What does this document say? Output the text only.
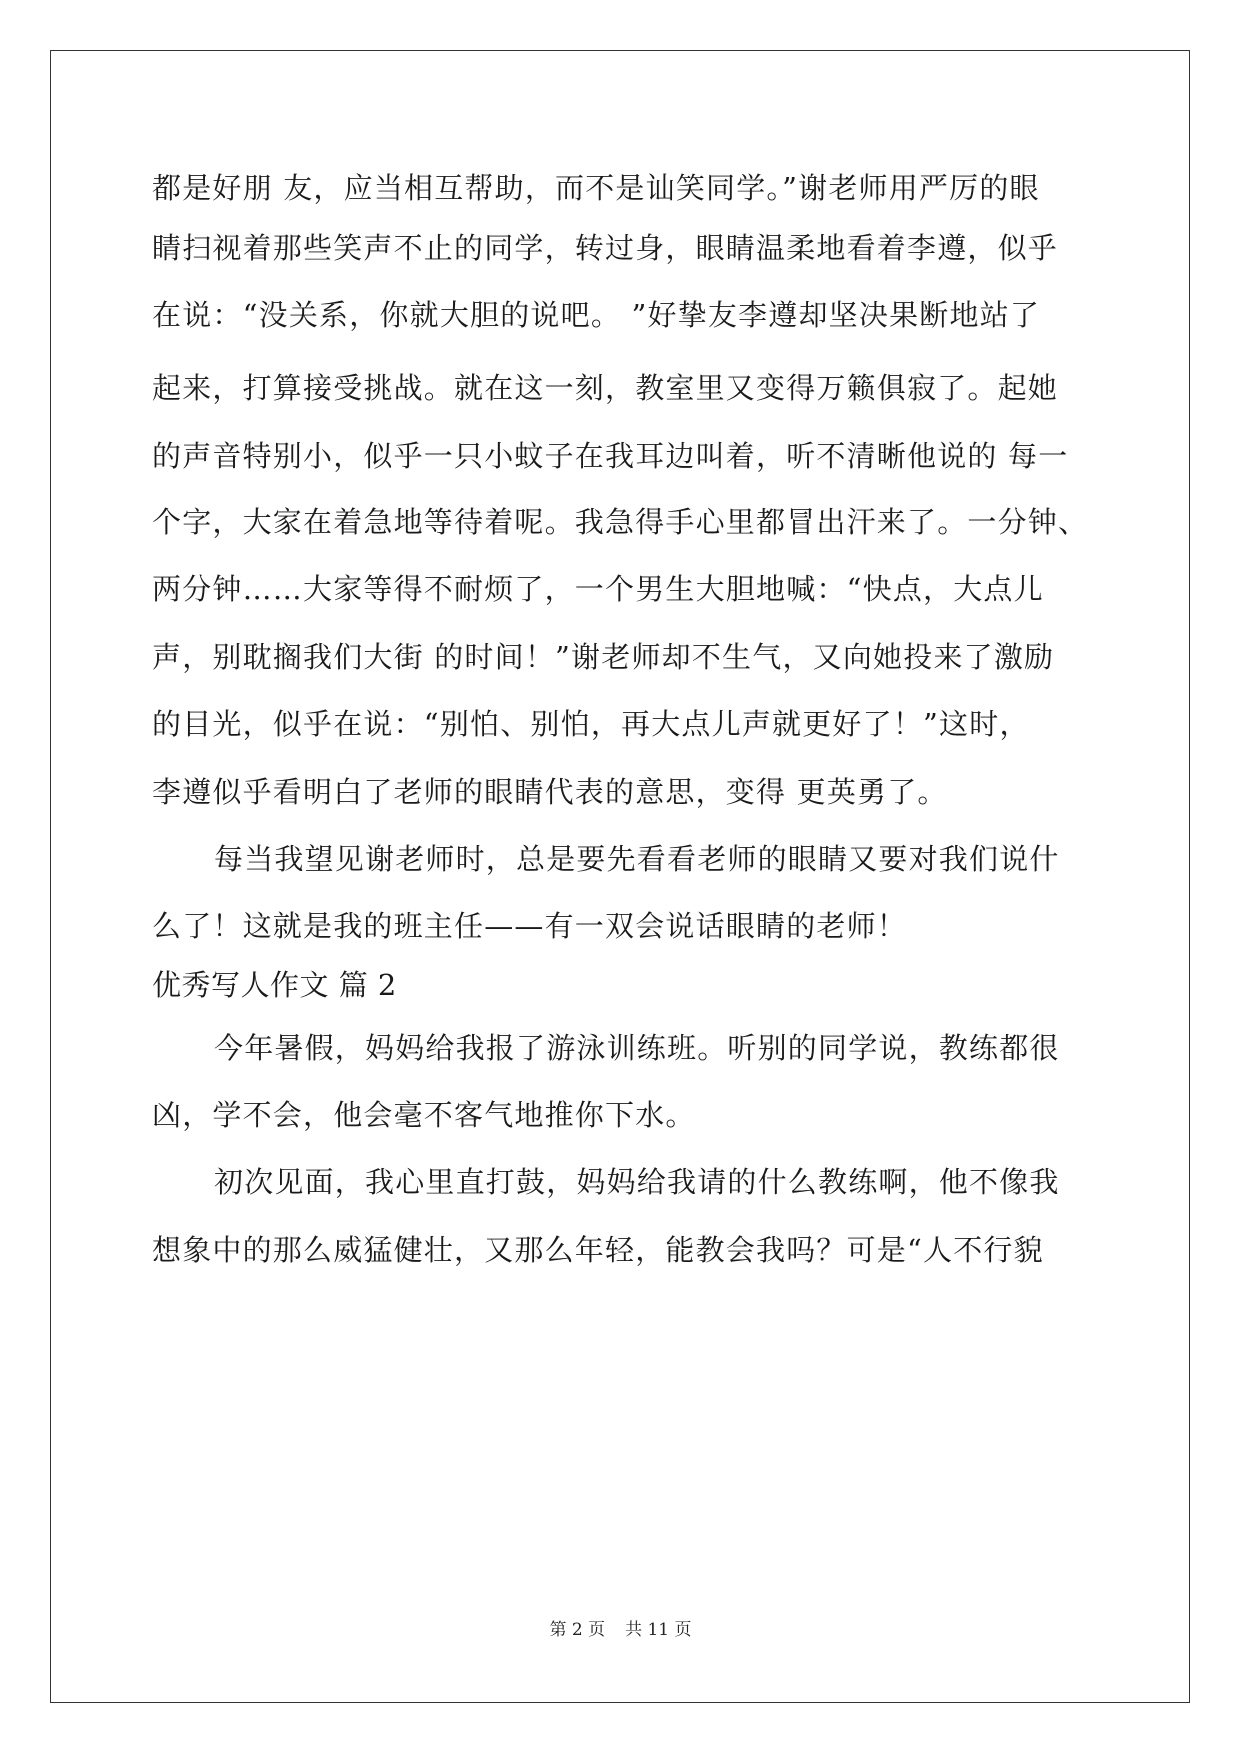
都是好朋 友，应当相互帮助，而不是讪笑同学。”谢老师用严厉的眼
睛扫视着那些笑声不止的同学，转过身，眼睛温柔地看着李遵，似乎
在说：“没关系，你就大胆的说吧。 ”好挚友李遵却坚决果断地站了
起来，打算接受挑战。就在这一刻，教室里又变得万籁俱寂了。起她
的声音特别小，似乎一只小蚊子在我耳边叫着，听不清晰他说的 每一
个字，大家在着急地等待着呢。我急得手心里都冒出汗来了。一分钟、
两分钟……大家等得不耐烦了，一个男生大胆地喊：“快点，大点儿
声，别耽搁我们大街 的时间！”谢老师却不生气，又向她投来了激励
的目光，似乎在说：“别怕、别怕，再大点儿声就更好了！”这时，
李遵似乎看明白了老师的眼睛代表的意思，变得 更英勇了。
每当我望见谢老师时，总是要先看看老师的眼睛又要对我们说什
么了！这就是我的班主任——有一双会说话眼睛的老师！
优秀写人作文 篇 2
今年暑假，妈妈给我报了游泳训练班。听别的同学说，教练都很
凶，学不会，他会毫不客气地推你下水。
初次见面，我心里直打鼓，妈妈给我请的什么教练啊，他不像我
想象中的那么威猛健壮，又那么年轻，能教会我吗？可是“人不行貌
第 2 页 共 11 页
